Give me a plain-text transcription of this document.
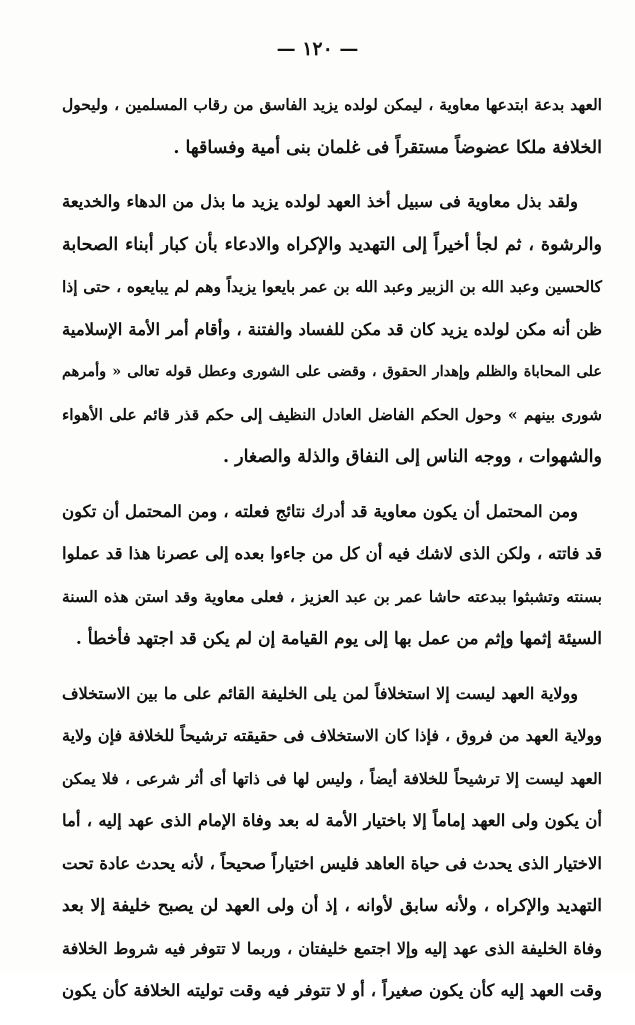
— ١٢٠ —
العهد بدعة ابتدعها معاوية ، ليمكن لولده يزيد الفاسق من رقاب المسلمين ، وليحول
الخلافة ملكا عضوضاً مستقراً فى غلمان بنى أمية وفساقها .
ولقد بذل معاوية فى سبيل أخذ العهد لولده يزيد ما بذل من الدهاء والخديعة
والرشوة ، ثم لجأ أخيراً إلى التهديد والإكراه والادعاء بأن كبار أبناء الصحابة
كالحسين وعبد الله بن الزبير وعبد الله بن عمر بايعوا يزيداً وهم لم يبايعوه ، حتى إذا
ظن أنه مكن لولده يزيد كان قد مكن للفساد والفتنة ، وأقام أمر الأمة الإسلامية
على المحاباة والظلم وإهدار الحقوق ، وقضى على الشورى وعطل قوله تعالى « وأمرهم
شورى بينهم » وحول الحكم الفاضل العادل النظيف إلى حكم قذر قائم على الأهواء
والشهوات ، ووجه الناس إلى النفاق والذلة والصغار .
ومن المحتمل أن يكون معاوية قد أدرك نتائج فعلته ، ومن المحتمل أن تكون
قد فاتته ، ولكن الذى لاشك فيه أن كل من جاءوا بعده إلى عصرنا هذا قد عملوا
بسنته وتشبثوا ببدعته حاشا عمر بن عبد العزيز ، فعلى معاوية وقد استن هذه السنة
السيئة إثمها وإثم من عمل بها إلى يوم القيامة إن لم يكن قد اجتهد فأخطأ .
وولاية العهد ليست إلا استخلافاً لمن يلى الخليفة القائم على ما بين الاستخلاف
وولاية العهد من فروق ، فإذا كان الاستخلاف فى حقيقته ترشيحاً للخلافة فإن ولاية
العهد ليست إلا ترشيحاً للخلافة أيضاً ، وليس لها فى ذاتها أى أثر شرعى ، فلا يمكن
أن يكون ولى العهد إماماً إلا باختيار الأمة له بعد وفاة الإمام الذى عهد إليه ، أما
الاختيار الذى يحدث فى حياة العاهد فليس اختياراً صحيحاً ، لأنه يحدث عادة تحت
التهديد والإكراه ، ولأنه سابق لأوانه ، إذ أن ولى العهد لن يصبح خليفة إلا بعد
وفاة الخليفة الذى عهد إليه وإلا اجتمع خليفتان ، وربما لا تتوفر فيه شروط الخلافة
وقت العهد إليه كأن يكون صغيراً ، أو لا تتوفر فيه وقت توليته الخلافة كأن يكون
